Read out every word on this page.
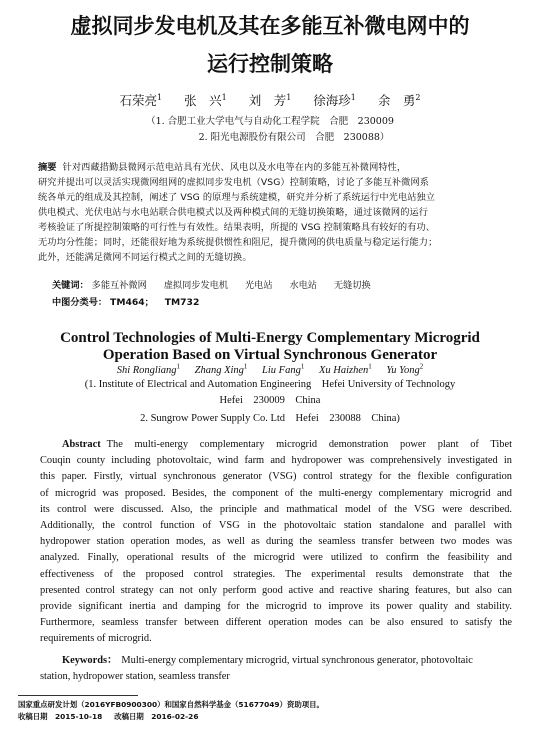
虚拟同步发电机及其在多能互补微电网中的
运行控制策略
石荣亮$^1$ 张　兴$^1$ 刘　芳$^1$ 徐海珍$^1$ 余　勇$^2$
（1. 合肥工业大学电气与自动化工程学院　合肥　230009
2. 阳光电源股份有限公司　合肥　230088）
摘要 针对西藏措勤县微网示范电站具有光伏、风电以及水电等在内的多能互补微网特性，
研究并提出可以灵活实现微网组网的虚拟同步发电机（VSG）控制策略，讨论了多能互补微网系
统各单元的组成及其控制，阐述了 VSG 的原理与系统建模，研究并分析了系统运行中光电站独立
供电模式、光伏电站与水电站联合供电模式以及两种模式间的无缝切换策略，通过该微网的运行
考核验证了所提控制策略的可行性与有效性。结果表明，所提的 VSG 控制策略具有较好的有功、
无功均分性能；同时，还能很好地为系统提供惯性和阻尼，提升微网的供电质量与稳定运行能力；
此外，还能满足微网不同运行模式之间的无缝切换。
关键词： 多能互补微网 虚拟同步发电机 光电站 水电站 无缝切换
中图分类号： TM464； TM732
Control Technologies of Multi-Energy Complementary Microgrid
Operation Based on Virtual Synchronous Generator
Shi Rongliang$^1$ Zhang Xing$^1$ Liu Fang$^1$ Xu Haizhen$^1$ Yu Yong$^2$
(1. Institute of Electrical and Automation Engineering　Hefei University of Technology
Hefei　230009　China
2. Sungrow Power Supply Co. Ltd　Hefei　230088　China)
Abstract The multi-energy complementary microgrid demonstration power plant of Tibet
Couqin county including photovoltaic, wind farm and hydropower was comprehensively investigated in
this paper. Firstly, virtual synchronous generator (VSG) control strategy for the flexible configuration
of microgrid was proposed. Besides, the component of the multi-energy complementary microgrid and
its control were discussed. Also, the principle and mathmatical model of the VSG were described.
Additionally, the control function of VSG in the photovoltaic station standalone and parallel with
hydropower station operation modes, as well as during the seamless transfer between two modes was
analyzed. Finally, operational results of the microgrid were utilized to confirm the feasibility and
effectiveness of the proposed control strategies. The experimental results demonstrate that the
presented control strategy can not only perform good active and reactive sharing features, but also can
provide significant inertia and damping for the microgrid to improve its power quality and stability.
Furthermore, seamless transfer between different operation modes can be also ensured to satisfy the
requirements of microgrid.
Keywords： Multi-energy complementary microgrid, virtual synchronous generator, photovoltaic
station, hydropower station, seamless transfer
国家重点研发计划（2016YFB0900300）和国家自然科学基金（51677049）资助项目。
收稿日期　2015-10-18 改稿日期　2016-02-26
